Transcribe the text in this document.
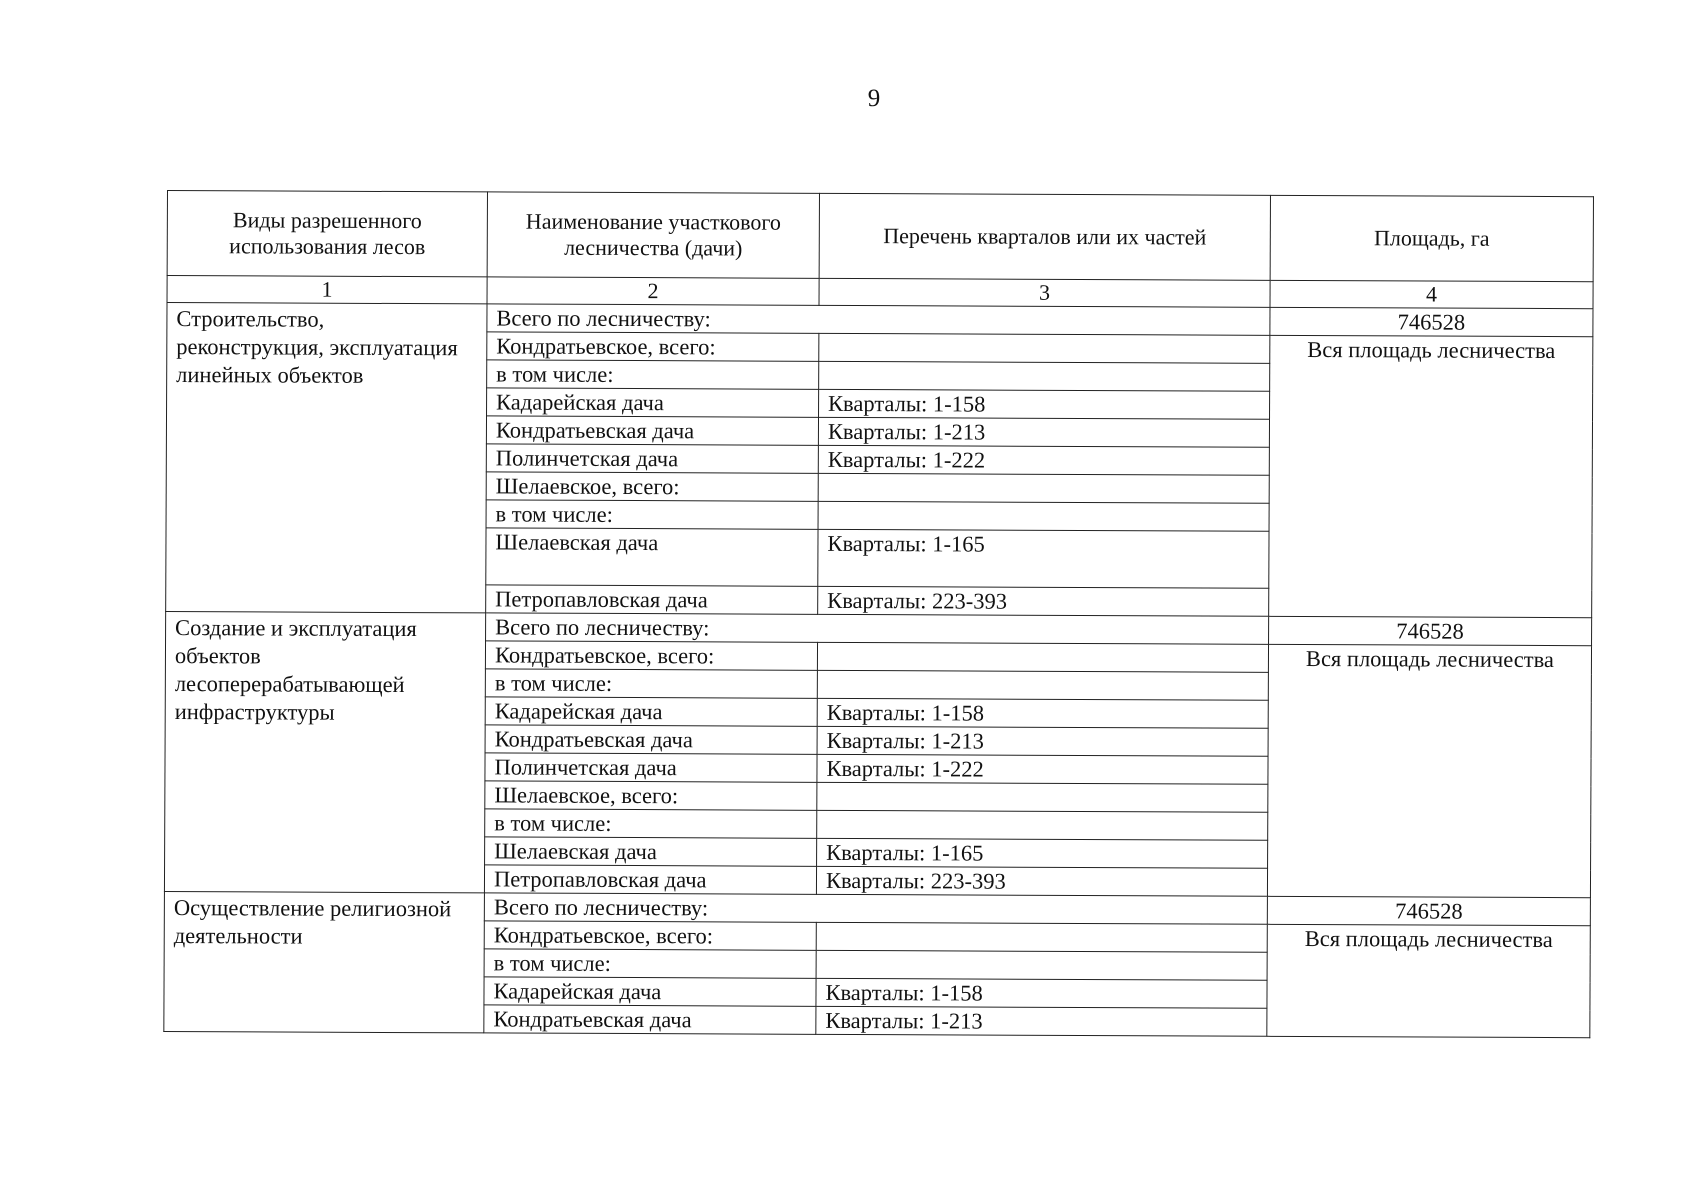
9
Виды разрешенного использования лесов	Наименование участкового лесничества (дачи)	Перечень кварталов или их частей	Площадь, га
1	2	3	4
Строительство, реконструкция, эксплуатация линейных объектов	Всего по лесничеству:		746528
	Кондратьевское, всего:		Вся площадь лесничества
	в том числе:		
	Кадарейская дача	Кварталы: 1-158	
	Кондратьевская дача	Кварталы: 1-213	
	Полинчетская дача	Кварталы: 1-222	
	Шелаевское, всего:		
	в том числе:		
	Шелаевская дача	Кварталы: 1-165	
	Петропавловская дача	Кварталы: 223-393	
Создание и эксплуатация объектов лесоперерабатывающей инфраструктуры	Всего по лесничеству:		746528
	Кондратьевское, всего:		Вся площадь лесничества
	в том числе:		
	Кадарейская дача	Кварталы: 1-158	
	Кондратьевская дача	Кварталы: 1-213	
	Полинчетская дача	Кварталы: 1-222	
	Шелаевское, всего:		
	в том числе:		
	Шелаевская дача	Кварталы: 1-165	
	Петропавловская дача	Кварталы: 223-393	
Осуществление религиозной деятельности	Всего по лесничеству:		746528
	Кондратьевское, всего:		Вся площадь лесничества
	в том числе:		
	Кадарейская дача	Кварталы: 1-158	
	Кондратьевская дача	Кварталы: 1-213	
